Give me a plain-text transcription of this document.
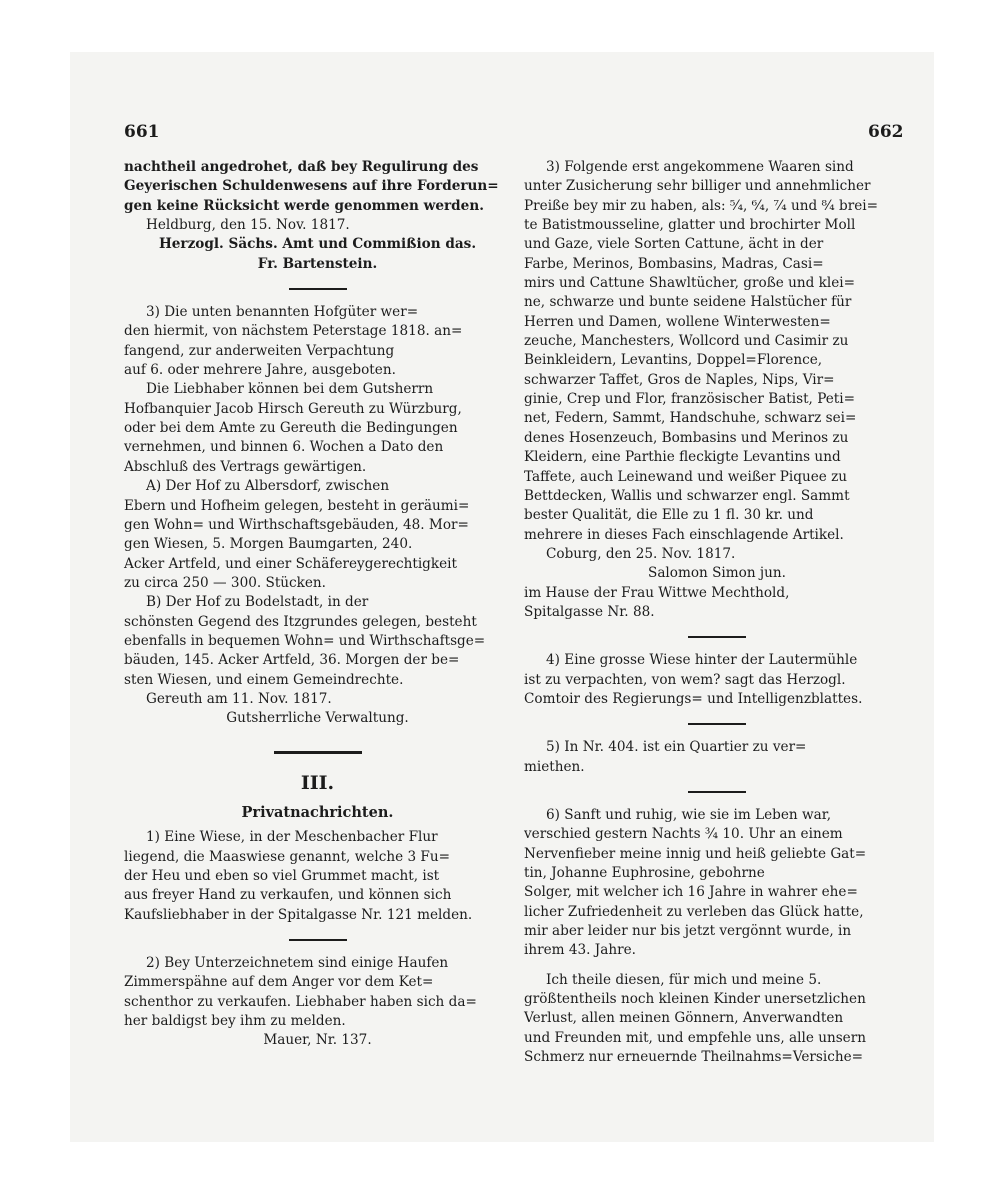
661	662

nachtheil angedrohet, daß bey Regulirung des

Geyerischen Schuldenwesens auf ihre Forderun=

gen keine Rücksicht werde genommen werden.

Heldburg, den 15. Nov. 1817.

Herzogl. Sächs. Amt und Commißion das.

Fr. Bartenstein.

3) Die unten benannten Hofgüter wer=

den hiermit, von nächstem Peterstage 1818. an=

fangend, zur anderweiten Verpachtung

auf 6. oder mehrere Jahre, ausgeboten.

Die Liebhaber können bei dem Gutsherrn

Hofbanquier Jacob Hirsch Gereuth zu Würzburg,

oder bei dem Amte zu Gereuth die Bedingungen

vernehmen, und binnen 6. Wochen a Dato den

Abschluß des Vertrags gewärtigen.

A) Der Hof zu Albersdorf, zwischen

Ebern und Hofheim gelegen, besteht in geräumi=

gen Wohn= und Wirthschaftsgebäuden, 48. Mor=

gen Wiesen, 5. Morgen Baumgarten, 240.

Acker Artfeld, und einer Schäfereygerechtigkeit

zu circa 250 — 300. Stücken.

B) Der Hof zu Bodelstadt, in der

schönsten Gegend des Itzgrundes gelegen, besteht

ebenfalls in bequemen Wohn= und Wirthschaftsge=

bäuden, 145. Acker Artfeld, 36. Morgen der be=

sten Wiesen, und einem Gemeindrechte.

Gereuth am 11. Nov. 1817.

Gutsherrliche Verwaltung.

III.
Privatnachrichten.

1) Eine Wiese, in der Meschenbacher Flur

liegend, die Maaswiese genannt, welche 3 Fu=

der Heu und eben so viel Grummet macht, ist

aus freyer Hand zu verkaufen, und können sich

Kaufsliebhaber in der Spitalgasse Nr. 121 melden.

2) Bey Unterzeichnetem sind einige Haufen

Zimmerspähne auf dem Anger vor dem Ket=

schenthor zu verkaufen. Liebhaber haben sich da=

her baldigst bey ihm zu melden.

Mauer, Nr. 137.

3) Folgende erst angekommene Waaren sind

unter Zusicherung sehr billiger und annehmlicher

Preiße bey mir zu haben, als: ⁵⁄₄, ⁶⁄₄, ⁷⁄₄ und ⁸⁄₄ brei=

te Batistmousseline, glatter und brochirter Moll

und Gaze, viele Sorten Cattune, ächt in der

Farbe, Merinos, Bombasins, Madras, Casi=

mirs und Cattune Shawltücher, große und klei=

ne, schwarze und bunte seidene Halstücher für

Herren und Damen, wollene Winterwesten=

zeuche, Manchesters, Wollcord und Casimir zu

Beinkleidern, Levantins, Doppel=Florence,

schwarzer Taffet, Gros de Naples, Nips, Vir=

ginie, Crep und Flor, französischer Batist, Peti=

net, Federn, Sammt, Handschuhe, schwarz sei=

denes Hosenzeuch, Bombasins und Merinos zu

Kleidern, eine Parthie fleckigte Levantins und

Taffete, auch Leinewand und weißer Piquee zu

Bettdecken, Wallis und schwarzer engl. Sammt

bester Qualität, die Elle zu 1 fl. 30 kr. und

mehrere in dieses Fach einschlagende Artikel.

Coburg, den 25. Nov. 1817.

Salomon Simon jun.

im Hause der Frau Wittwe Mechthold,

Spitalgasse Nr. 88.

4) Eine grosse Wiese hinter der Lautermühle

ist zu verpachten, von wem? sagt das Herzogl.

Comtoir des Regierungs= und Intelligenzblattes.

5) In Nr. 404. ist ein Quartier zu ver=

miethen.

6) Sanft und ruhig, wie sie im Leben war,

verschied gestern Nachts ¾ 10. Uhr an einem

Nervenfieber meine innig und heiß geliebte Gat=

tin, Johanne Euphrosine, gebohrne

Solger, mit welcher ich 16 Jahre in wahrer ehe=

licher Zufriedenheit zu verleben das Glück hatte,

mir aber leider nur bis jetzt vergönnt wurde, in

ihrem 43. Jahre.

Ich theile diesen, für mich und meine 5.

größtentheils noch kleinen Kinder unersetzlichen

Verlust, allen meinen Gönnern, Anverwandten

und Freunden mit, und empfehle uns, alle unsern

Schmerz nur erneuernde Theilnahms=Versiche=
